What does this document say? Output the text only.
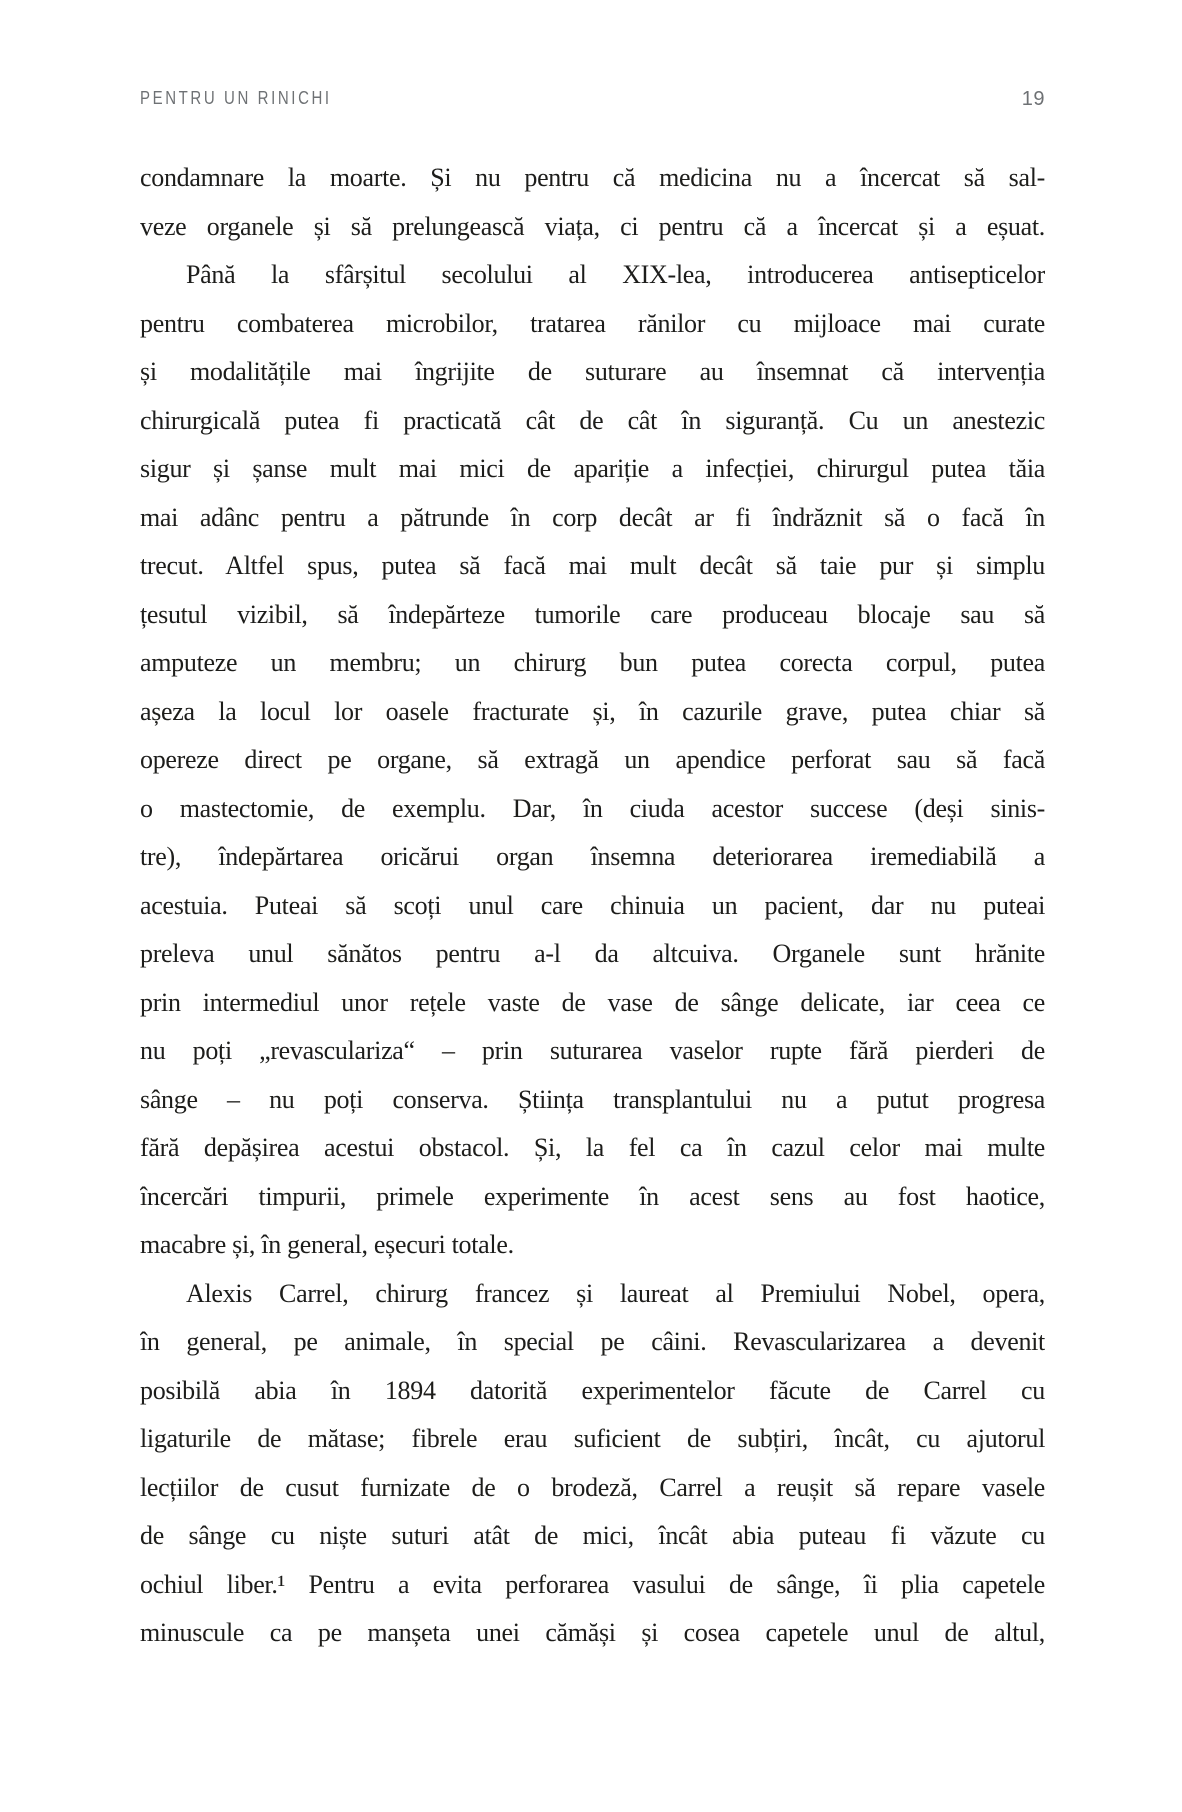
PENTRU UN RINICHI	19
condamnare la moarte. Și nu pentru că medicina nu a încercat să sal-
veze organele și să prelungească viața, ci pentru că a încercat și a eșuat.
Până la sfârșitul secolului al XIX-lea, introducerea antisepticelor
pentru combaterea microbilor, tratarea rănilor cu mijloace mai curate
și modalitățile mai îngrijite de suturare au însemnat că intervenția
chirurgicală putea fi practicată cât de cât în siguranță. Cu un anestezic
sigur și șanse mult mai mici de apariție a infecției, chirurgul putea tăia
mai adânc pentru a pătrunde în corp decât ar fi îndrăznit să o facă în
trecut. Altfel spus, putea să facă mai mult decât să taie pur și simplu
țesutul vizibil, să îndepărteze tumorile care produceau blocaje sau să
amputeze un membru; un chirurg bun putea corecta corpul, putea
așeza la locul lor oasele fracturate și, în cazurile grave, putea chiar să
opereze direct pe organe, să extragă un apendice perforat sau să facă
o mastectomie, de exemplu. Dar, în ciuda acestor succese (deși sinis-
tre), îndepărtarea oricărui organ însemna deteriorarea iremediabilă a
acestuia. Puteai să scoți unul care chinuia un pacient, dar nu puteai
preleva unul sănătos pentru a-l da altcuiva. Organele sunt hrănite
prin intermediul unor rețele vaste de vase de sânge delicate, iar ceea ce
nu poți „revasculariza“ – prin suturarea vaselor rupte fără pierderi de
sânge – nu poți conserva. Știința transplantului nu a putut progresa
fără depășirea acestui obstacol. Și, la fel ca în cazul celor mai multe
încercări timpurii, primele experimente în acest sens au fost haotice,
macabre și, în general, eșecuri totale.
Alexis Carrel, chirurg francez și laureat al Premiului Nobel, opera,
în general, pe animale, în special pe câini. Revascularizarea a devenit
posibilă abia în 1894 datorită experimentelor făcute de Carrel cu
ligaturile de mătase; fibrele erau suficient de subțiri, încât, cu ajutorul
lecțiilor de cusut furnizate de o brodeză, Carrel a reușit să repare vasele
de sânge cu niște suturi atât de mici, încât abia puteau fi văzute cu
ochiul liber.¹ Pentru a evita perforarea vasului de sânge, îi plia capetele
minuscule ca pe manșeta unei cămăși și cosea capetele unul de altul,
